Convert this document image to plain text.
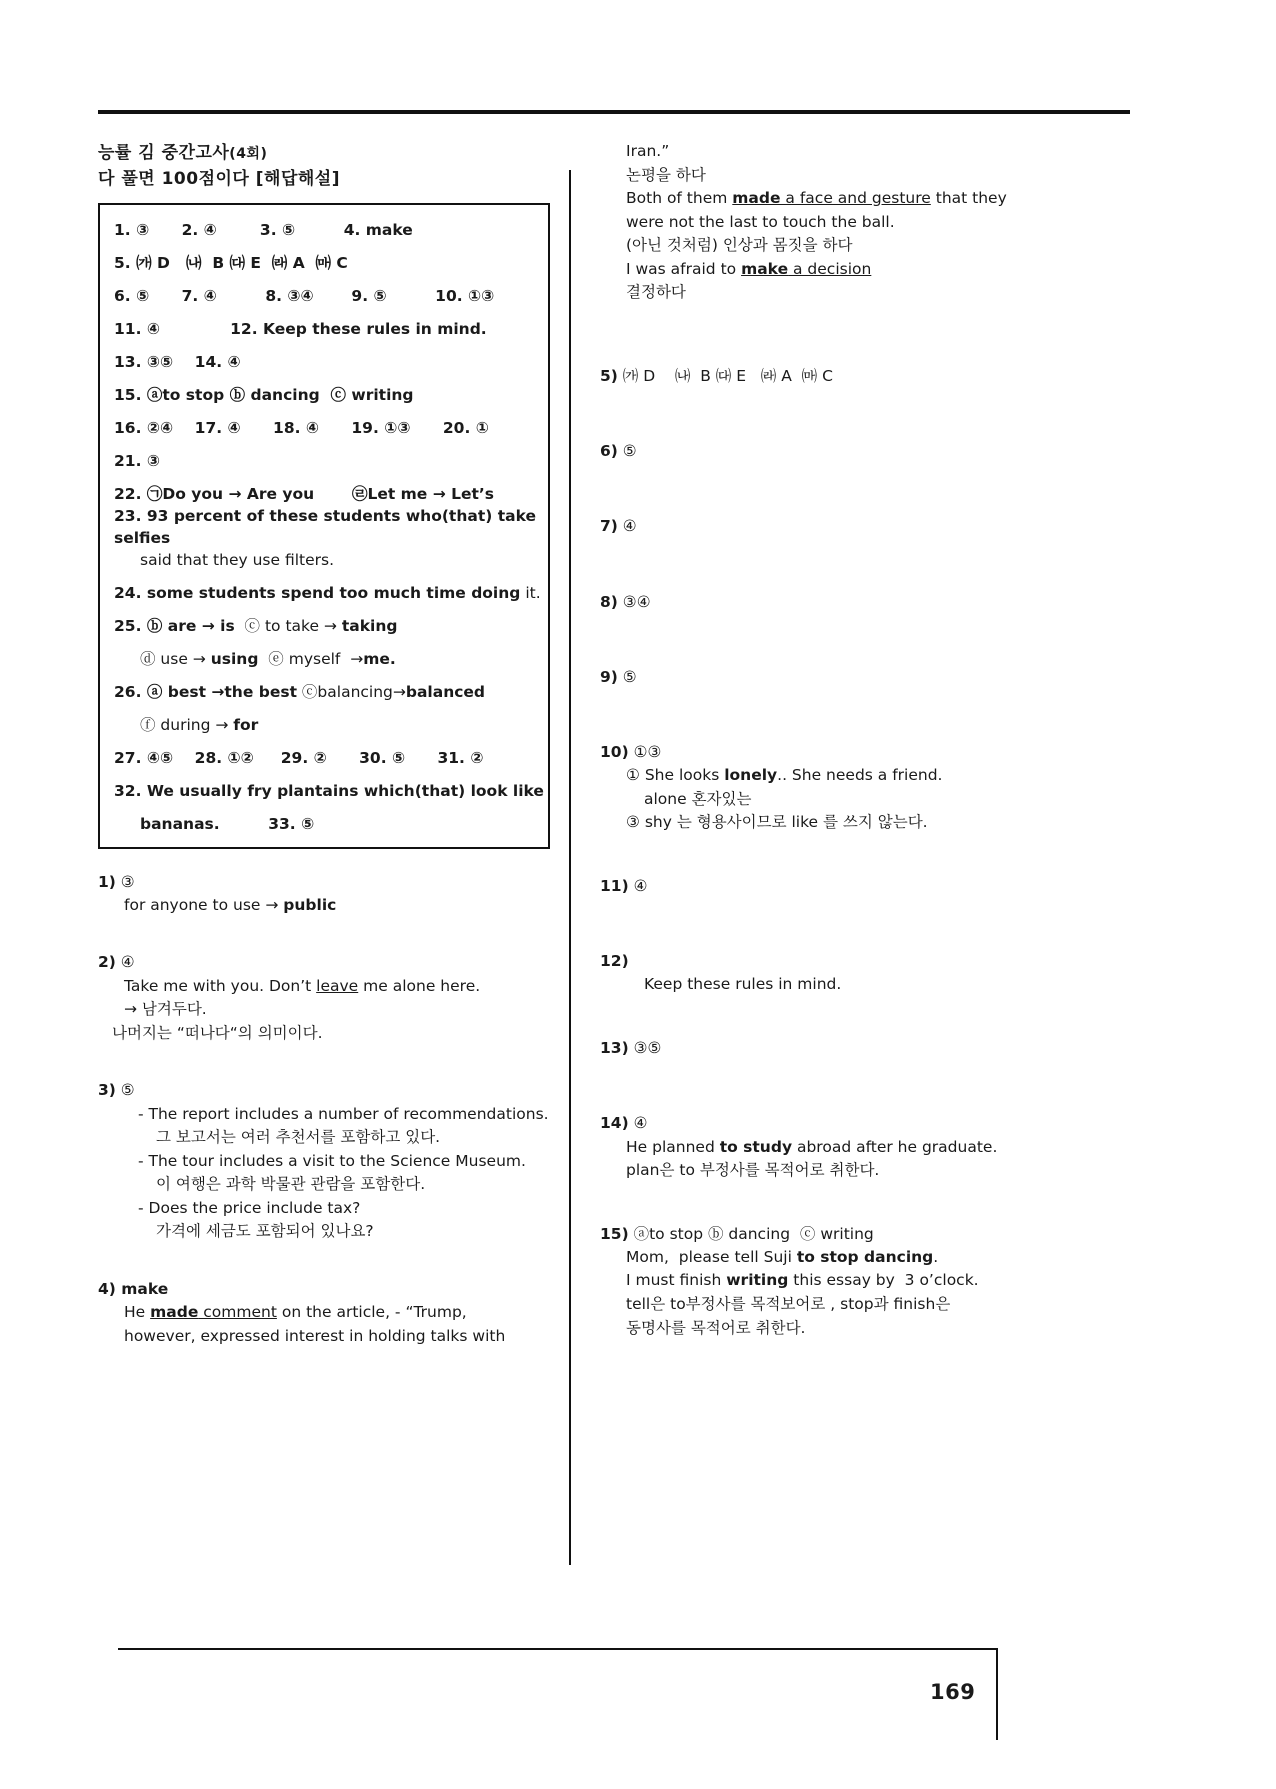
능률 김 중간고사(4회)

다 풀면 100점이다 [해답해설]

1. ③      2. ④        3. ⑤         4. make
5. ㈎ D   ㈏  B ㈐ E  ㈑ A  ㈒ C
6. ⑤      7. ④         8. ③④       9. ⑤         10. ①③
11. ④             12. Keep these rules in mind.
13. ③⑤    14. ④
15. ⓐto stop ⓑ dancing  ⓒ writing
16. ②④    17. ④      18. ④      19. ①③      20. ①
21. ③
22. ㉠Do you → Are you       ㉣Let me → Let’s
23. 93 percent of these students who(that) take selfies
said that they use filters.
24. some students spend too much time doing it.
25. ⓑ are → is  ⓒ to take → taking
ⓓ use → using  ⓔ myself  →me.
26. ⓐ best →the best ⓒbalancing→balanced
ⓕ during → for
27. ④⑤    28. ①②     29. ②      30. ⑤      31. ②
32. We usually fry plantains which(that) look like
bananas.         33. ⑤

1) ③

for anyone to use → public

2) ④

Take me with you. Don’t leave me alone here.

→ 남겨두다.

나머지는 “떠나다“의 의미이다.

3) ⑤

- The report includes a number of recommendations.

그 보고서는 여러 추천서를 포함하고 있다.

- The tour includes a visit to the Science Museum.

이 여행은 과학 박물관 관람을 포함한다.

- Does the price include tax?

가격에 세금도 포함되어 있나요?

4) make

He made comment on the article, - “Trump,

however, expressed interest in holding talks with

Iran.”

논평을 하다

Both of them made a face and gesture that they

were not the last to touch the ball.

(아닌 것처럼) 인상과 몸짓을 하다

I was afraid to make a decision

결정하다

5) ㈎ D    ㈏  B ㈐ E   ㈑ A  ㈒ C

6) ⑤

7) ④

8) ③④

9) ⑤

10) ①③

① She looks lonely.. She needs a friend.

alone 혼자있는

③ shy 는 형용사이므로 like 를 쓰지 않는다.

11) ④

12)

Keep these rules in mind.

13) ③⑤

14) ④

He planned to study abroad after he graduate.

plan은 to 부정사를 목적어로 취한다.

15) ⓐto stop ⓑ dancing  ⓒ writing

Mom,  please tell Suji to stop dancing.

I must finish writing this essay by  3 o’clock.

tell은 to부정사를 목적보어로 , stop과 finish은

동명사를 목적어로 취한다.

169
